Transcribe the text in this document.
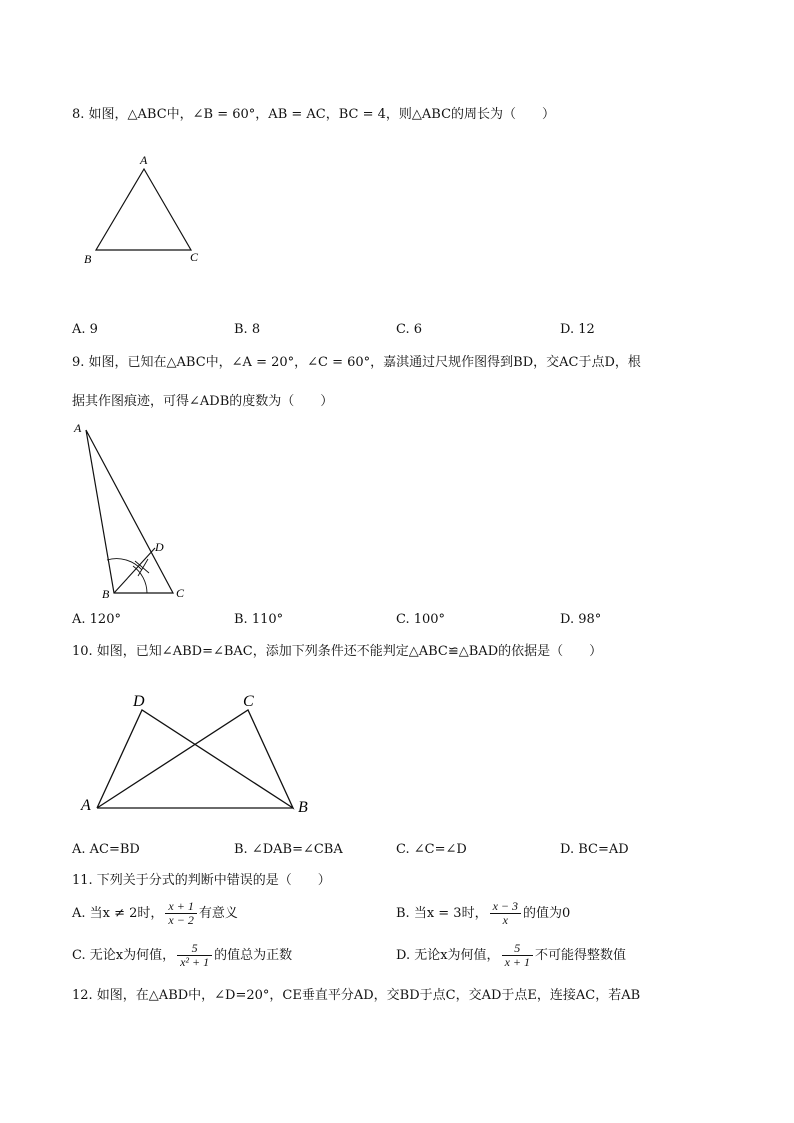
8. 如图，△ABC中，∠B = 60°，AB = AC，BC = 4，则△ABC的周长为（　　）
A
B	C
A. 9	B. 8	C. 6	D. 12
9. 如图，已知在△ABC中，∠A = 20°，∠C = 60°，嘉淇通过尺规作图得到BD，交AC于点D，根
据其作图痕迹，可得∠ADB的度数为（　　）
A
B	C
D
A. 120°	B. 110°	C. 100°	D. 98°
10. 如图，已知∠ABD=∠BAC，添加下列条件还不能判定△ABC≌△BAD的依据是（　　）
D	C
A	B
A. AC=BD	B. ∠DAB=∠CBA	C. ∠C=∠D	D. BC=AD
11. 下列关于分式的判断中错误的是（　　）
A. 当x ≠ 2时， $\frac{x + 1}{x - 2}$ 有意义	B. 当x = 3时， $\frac{x - 3}{x}$ 的值为0
C. 无论x为何值， $\frac{5}{\text{x² + 1}}$ 的值总为正数	D. 无论x为何值， $\frac{5}{x + 1}$ 不可能得整数值
12. 如图，在△ABD中，∠D=20°，CE垂直平分AD，交BD于点C，交AD于点E，连接AC，若AB
